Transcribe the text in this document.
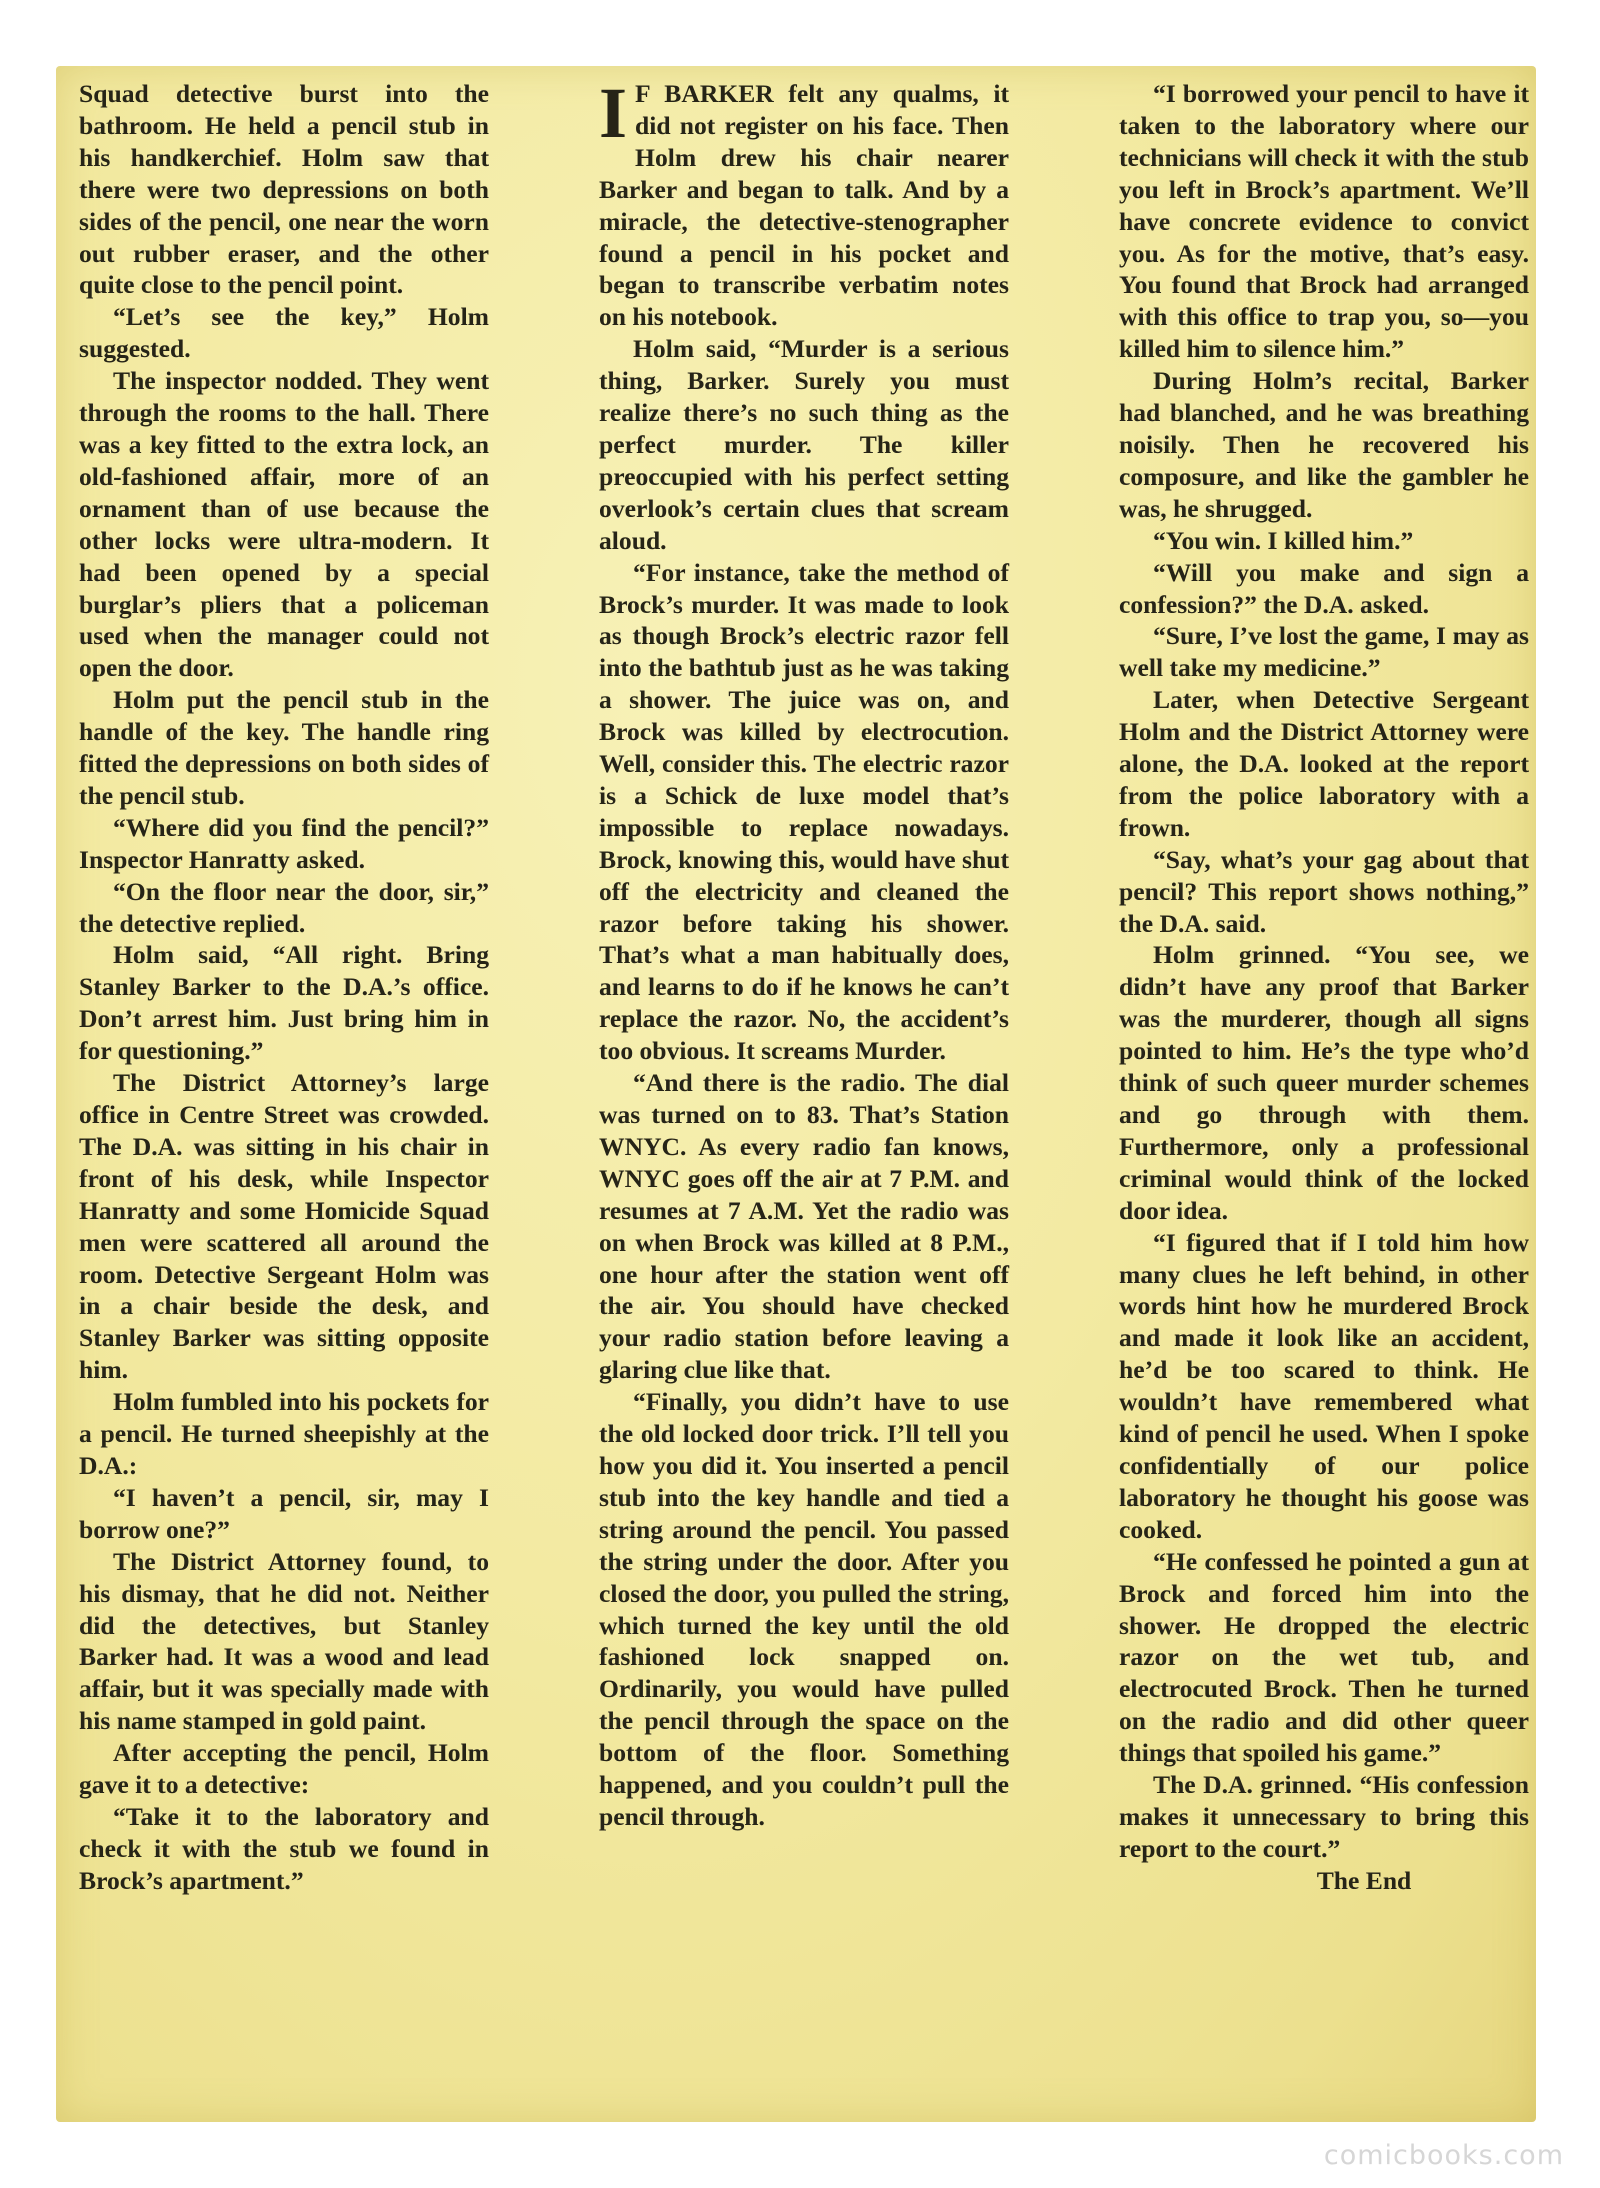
Squad detective burst into the bathroom. He held a pencil stub in his handkerchief. Holm saw that there were two depressions on both sides of the pencil, one near the worn out rubber eraser, and the other quite close to the pencil point.

“Let’s see the key,” Holm suggested.

The inspector nodded. They went through the rooms to the hall. There was a key fitted to the extra lock, an old-fashioned affair, more of an ornament than of use because the other locks were ultra-modern. It had been opened by a special burglar’s pliers that a policeman used when the manager could not open the door.

Holm put the pencil stub in the handle of the key. The handle ring fitted the depressions on both sides of the pencil stub.

“Where did you find the pencil?” Inspector Hanratty asked.

“On the floor near the door, sir,” the detective replied.

Holm said, “All right. Bring Stanley Barker to the D.A.’s office. Don’t arrest him. Just bring him in for questioning.”

The District Attorney’s large office in Centre Street was crowded. The D.A. was sitting in his chair in front of his desk, while Inspector Hanratty and some Homicide Squad men were scattered all around the room. Detective Sergeant Holm was in a chair beside the desk, and Stanley Barker was sitting opposite him.

Holm fumbled into his pockets for a pencil. He turned sheepishly at the D.A.:

“I haven’t a pencil, sir, may I borrow one?”

The District Attorney found, to his dismay, that he did not. Neither did the detectives, but Stanley Barker had. It was a wood and lead affair, but it was specially made with his name stamped in gold paint.

After accepting the pencil, Holm gave it to a detective:

“Take it to the laboratory and check it with the stub we found in Brock’s apartment.”

I F BARKER felt any qualms, it did not register on his face. Then Holm drew his chair nearer Barker and began to talk. And by a miracle, the detective-stenographer found a pencil in his pocket and began to transcribe verbatim notes on his notebook.

Holm said, “Murder is a serious thing, Barker. Surely you must realize there’s no such thing as the perfect murder. The killer preoccupied with his perfect setting overlook’s certain clues that scream aloud.

“For instance, take the method of Brock’s murder. It was made to look as though Brock’s electric razor fell into the bathtub just as he was taking a shower. The juice was on, and Brock was killed by electrocution. Well, consider this. The electric razor is a Schick de luxe model that’s impossible to replace nowadays. Brock, knowing this, would have shut off the electricity and cleaned the razor before taking his shower. That’s what a man habitually does, and learns to do if he knows he can’t replace the razor. No, the accident’s too obvious. It screams Murder.

“And there is the radio. The dial was turned on to 83. That’s Station WNYC. As every radio fan knows, WNYC goes off the air at 7 P.M. and resumes at 7 A.M. Yet the radio was on when Brock was killed at 8 P.M., one hour after the station went off the air. You should have checked your radio station before leaving a glaring clue like that.

“Finally, you didn’t have to use the old locked door trick. I’ll tell you how you did it. You inserted a pencil stub into the key handle and tied a string around the pencil. You passed the string under the door. After you closed the door, you pulled the string, which turned the key until the old fashioned lock snapped on. Ordinarily, you would have pulled the pencil through the space on the bottom of the floor. Something happened, and you couldn’t pull the pencil through.

“I borrowed your pencil to have it taken to the laboratory where our technicians will check it with the stub you left in Brock’s apartment. We’ll have concrete evidence to convict you. As for the motive, that’s easy. You found that Brock had arranged with this office to trap you, so—you killed him to silence him.”

During Holm’s recital, Barker had blanched, and he was breathing noisily. Then he recovered his composure, and like the gambler he was, he shrugged.

“You win. I killed him.”

“Will you make and sign a confession?” the D.A. asked.

“Sure, I’ve lost the game, I may as well take my medicine.”

Later, when Detective Sergeant Holm and the District Attorney were alone, the D.A. looked at the report from the police laboratory with a frown.

“Say, what’s your gag about that pencil? This report shows nothing,” the D.A. said.

Holm grinned. “You see, we didn’t have any proof that Barker was the murderer, though all signs pointed to him. He’s the type who’d think of such queer murder schemes and go through with them. Furthermore, only a professional criminal would think of the locked door idea.

“I figured that if I told him how many clues he left behind, in other words hint how he murdered Brock and made it look like an accident, he’d be too scared to think. He wouldn’t have remembered what kind of pencil he used. When I spoke confidentially of our police laboratory he thought his goose was cooked.

“He confessed he pointed a gun at Brock and forced him into the shower. He dropped the electric razor on the wet tub, and electrocuted Brock. Then he turned on the radio and did other queer things that spoiled his game.”

The D.A. grinned. “His confession makes it unnecessary to bring this report to the court.”

The End

comicbooks.com
